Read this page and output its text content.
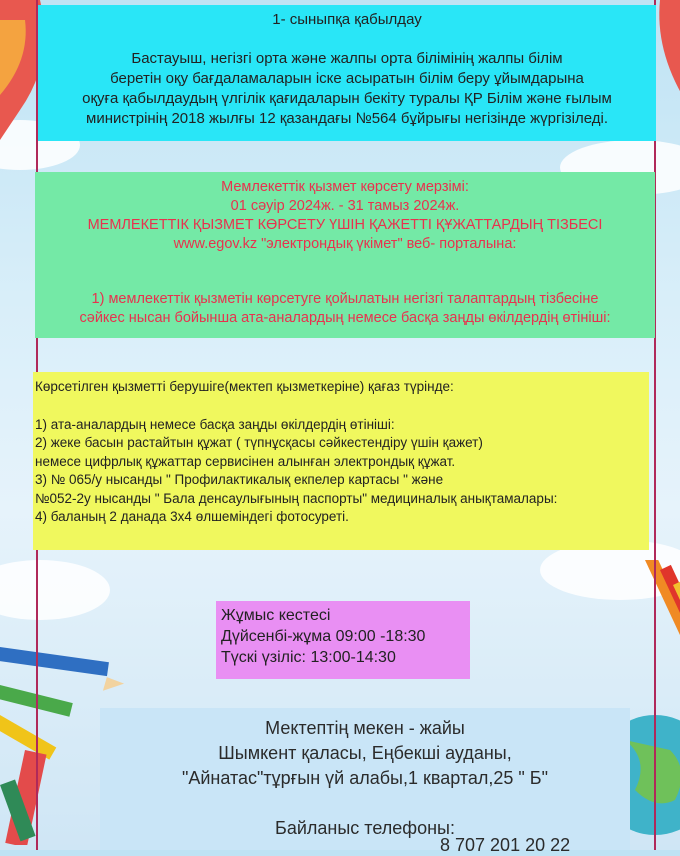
1- сыныпқа қабылдау
Бастауыш, негізгі орта және жалпы орта білімінің жалпы білім
беретін оқу бағдаламаларын іске асыратын білім беру ұйымдарына
оқуға қабылдаудың үлгілік қағидаларын бекіту туралы ҚР Білім және ғылым
министрінің 2018 жылғы 12 қазандағы №564 бұйрығы негізінде жүргізіледі.
Мемлекеттік қызмет көрсету мерзімі:
01 сәуір 2024ж. - 31 тамыз 2024ж.
МЕМЛЕКЕТТІК ҚЫЗМЕТ КӨРСЕТУ ҮШІН ҚАЖЕТТІ ҚҰЖАТТАРДЫҢ ТІЗБЕСІ
www.egov.kz "электрондық үкімет" веб- порталына:
1) мемлекеттік қызметін көрсетуге қойылатын негізгі талаптардың тізбесіне
сәйкес нысан бойынша ата-аналардың немесе басқа заңды өкілдердің өтініші:
Көрсетілген қызметті берушіге(мектеп қызметкеріне) қағаз түрінде:
1) ата-аналардың немесе басқа заңды өкілдердің өтініші:
2) жеке басын растайтын құжат ( түпнұсқасы сәйкестендіру үшін қажет)
немесе цифрлық құжаттар сервисінен алынған электрондық құжат.
3) № 065/у нысанды " Профилактикалық екпелер картасы " және
№052-2у нысанды " Бала денсаулығының паспорты" медициналық анықтамалары:
4) баланың 2 данада 3х4 өлшеміндегі фотосуреті.
Жұмыс кестесі
Дүйсенбі-жұма 09:00 -18:30
Түскі үзіліс: 13:00-14:30
Мектептің мекен - жайы
Шымкент қаласы, Еңбекші ауданы,
"Айнатас"тұрғын үй алабы,1 квартал,25 " Б"
Байланыс телефоны:
8 707 201 20 22
